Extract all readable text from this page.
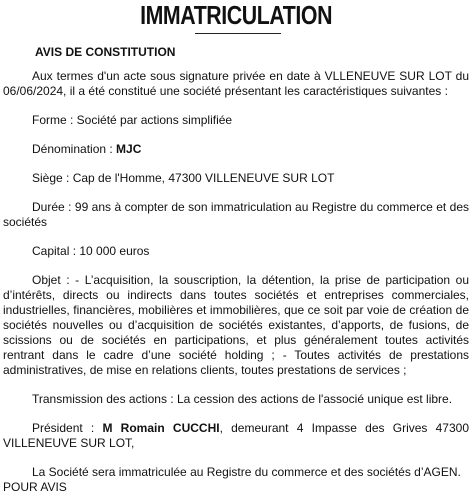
IMMATRICULATION
AVIS DE CONSTITUTION

Aux termes d'un acte sous signature privée en date à VLLENEUVE SUR LOT du 06/06/2024, il a été constitué une société présentant les caractéristiques suivantes :

Forme : Société par actions simplifiée

Dénomination : MJC

Siège : Cap de l'Homme, 47300 VILLENEUVE SUR LOT

Durée : 99 ans à compter de son immatriculation au Registre du commerce et des sociétés

Capital : 10 000 euros

Objet : - L’acquisition, la souscription, la détention, la prise de participation ou d’intérêts, directs ou indirects dans toutes sociétés et entreprises commerciales, industrielles, financières, mobilières et immobilières, que ce soit par voie de création de sociétés nouvelles ou d’acquisition de sociétés existantes, d’apports, de fusions, de scissions ou de sociétés en participations, et plus généralement toutes activités rentrant dans le cadre d’une société holding ; - Toutes activités de prestations administratives, de mise en relations clients, toutes prestations de services ;

Transmission des actions : La cession des actions de l'associé unique est libre.

Président : M Romain CUCCHI, demeurant 4 Impasse des Grives 47300 VILLENEUVE SUR LOT,

La Société sera immatriculée au Registre du commerce et des sociétés d’AGEN.

POUR AVIS
